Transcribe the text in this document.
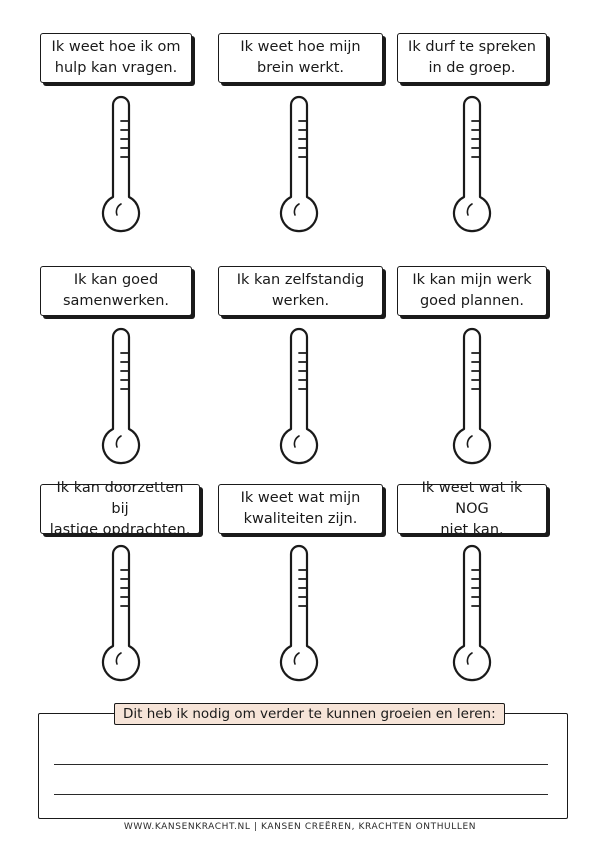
Ik weet hoe ik om
hulp kan vragen.
Ik weet hoe mijn
brein werkt.
Ik durf te spreken
in de groep.
Ik kan goed
samenwerken.
Ik kan zelfstandig
werken.
Ik kan mijn werk
goed plannen.
Ik kan doorzetten bij
lastige opdrachten.
Ik weet wat mijn
kwaliteiten zijn.
Ik weet wat ik NOG
niet kan.
Dit heb ik nodig om verder te kunnen groeien en leren:
WWW.KANSENKRACHT.NL | KANSEN CREËREN, KRACHTEN ONTHULLEN
